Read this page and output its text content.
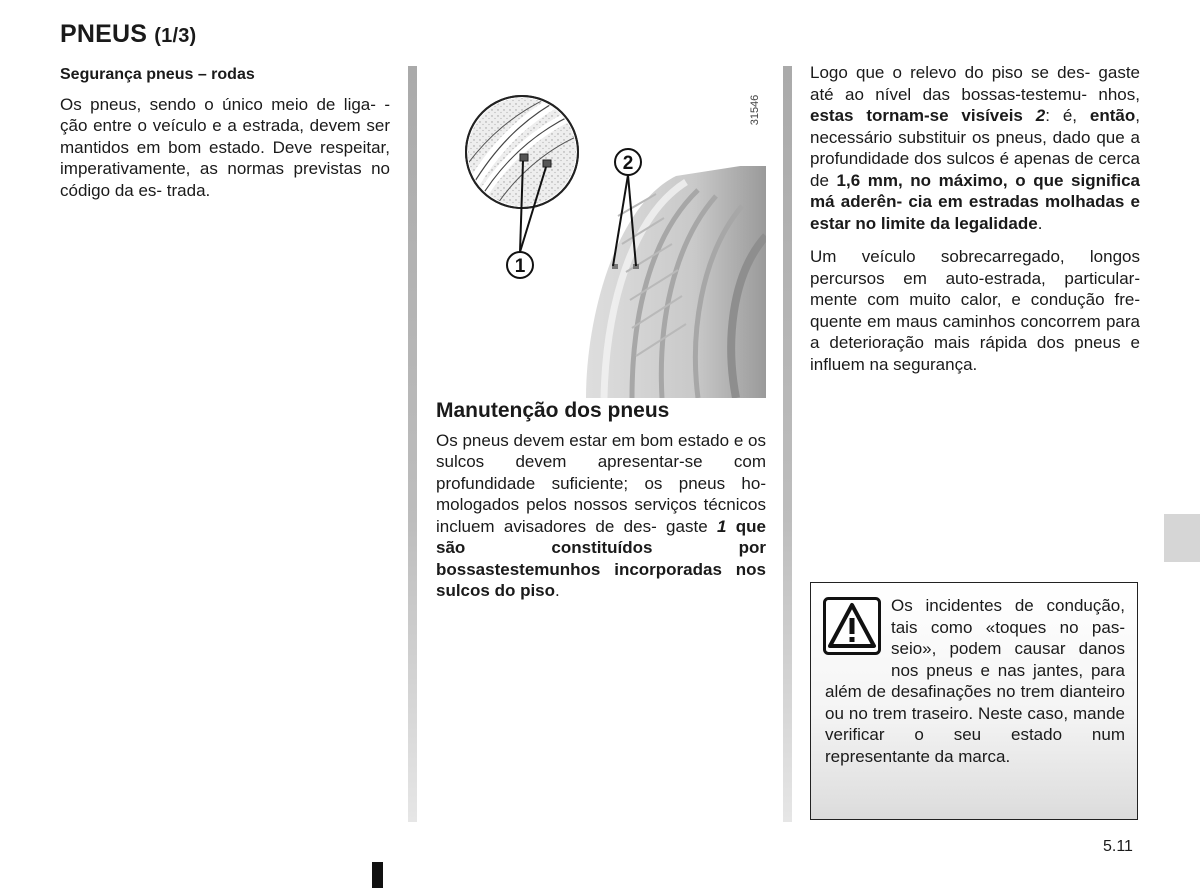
PNEUS (1/3)
Segurança pneus – rodas

Os pneus, sendo o único meio de liga- - ção entre o veículo e a estrada, devem ser mantidos em bom estado. Deve respeitar, imperativamente, as normas previstas no código da es- trada.

1
2
31546
Manutenção dos pneus

Os pneus devem estar em bom estado e os sulcos devem apresentar-se com profundidade suficiente; os pneus ho- mologados pelos nossos serviços técnicos incluem avisadores de des- gaste 1 que são constituídos por bossastestemunhos incorporadas nos sulcos do piso.

Logo que o relevo do piso se des- gaste até ao nível das bossas-testemu- nhos, estas tornam-se visíveis 2: é, então, necessário substituir os pneus, dado que a profundidade dos sulcos é apenas de cerca de 1,6 mm, no máximo, o que significa má aderên- cia em estradas molhadas e estar no limite da legalidade.

Um veículo sobrecarregado, longos percursos em auto-estrada, particular- mente com muito calor, e condução fre- quente em maus caminhos concorrem para a deterioração mais rápida dos pneus e influem na segurança.

Os incidentes de condução, tais como «toques no pas- seio», podem causar danos nos pneus e nas jantes, para além de desafinações no trem dianteiro ou no trem traseiro. Neste caso, mande verificar o seu estado num representante da marca.

5.11
